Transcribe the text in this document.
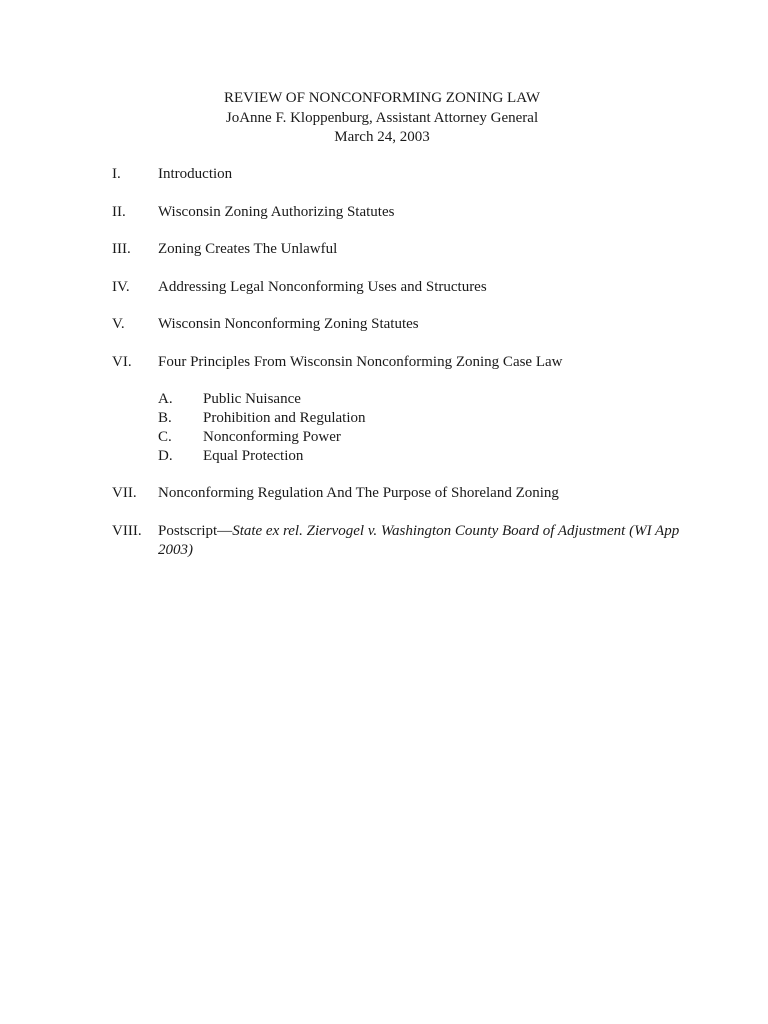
REVIEW OF NONCONFORMING ZONING LAW
JoAnne F. Kloppenburg, Assistant Attorney General
March 24, 2003
I.	Introduction
II.	Wisconsin Zoning Authorizing Statutes
III.	Zoning Creates The Unlawful
IV.	Addressing Legal Nonconforming Uses and Structures
V.	Wisconsin Nonconforming Zoning Statutes
VI.	Four Principles From Wisconsin Nonconforming Zoning Case Law
A. Public Nuisance
B. Prohibition and Regulation
C. Nonconforming Power
D. Equal Protection
VII.	Nonconforming Regulation And The Purpose of Shoreland Zoning
VIII.	Postscript—State ex rel. Ziervogel v. Washington County Board of Adjustment (WI App 2003)
